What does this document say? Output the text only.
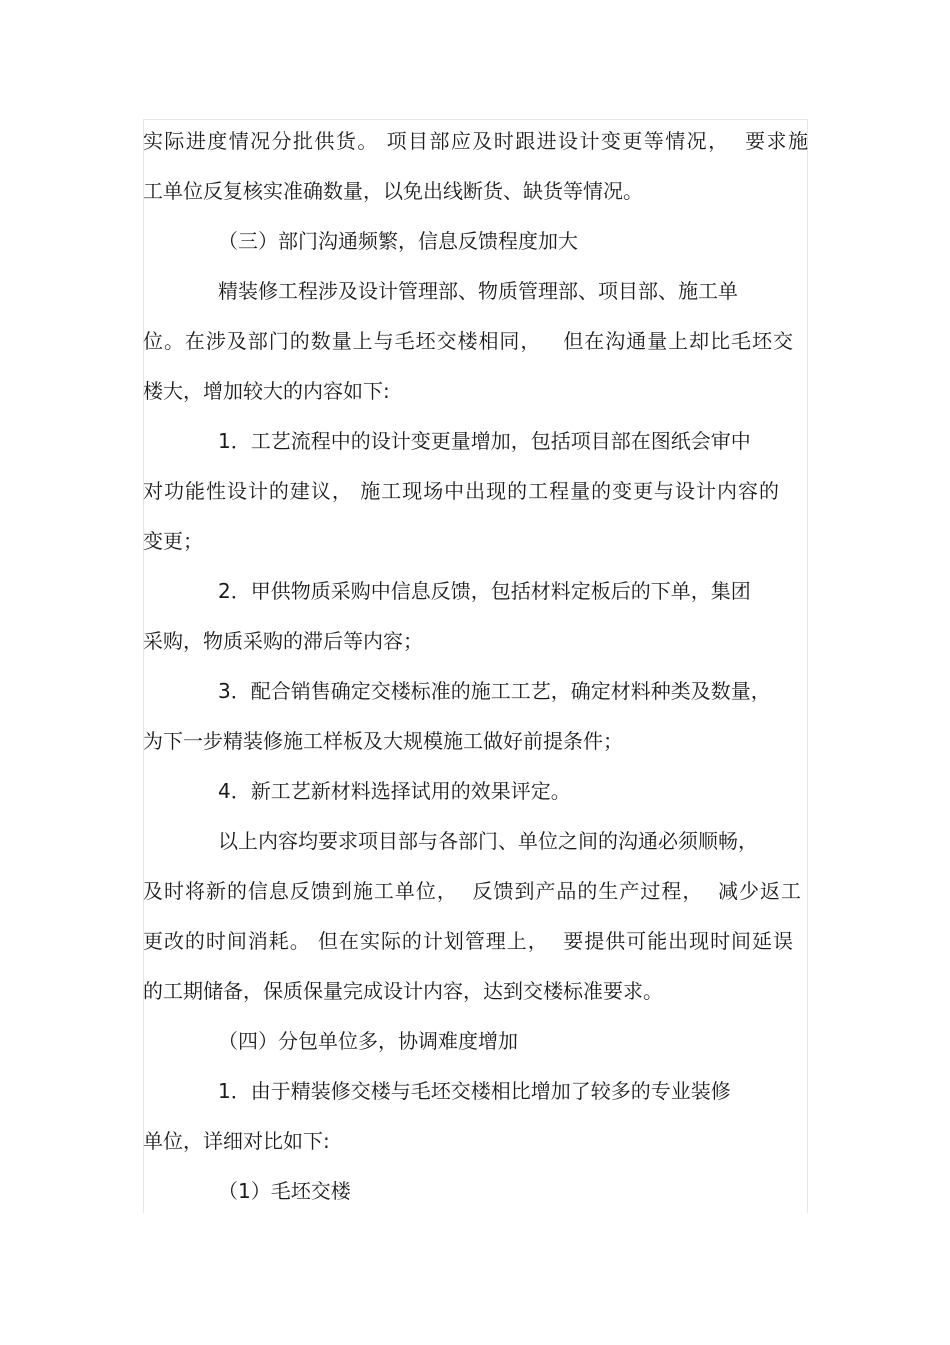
实际进度情况分批供货。 项目部应及时跟进设计变更等情况，  要求施
工单位反复核实准确数量，以免出线断货、缺货等情况。
（三）部门沟通频繁，信息反馈程度加大
精装修工程涉及设计管理部、物质管理部、项目部、施工单
位。在涉及部门的数量上与毛坯交楼相同，   但在沟通量上却比毛坯交
楼大，增加较大的内容如下:
1．工艺流程中的设计变更量增加，包括项目部在图纸会审中
对功能性设计的建议， 施工现场中出现的工程量的变更与设计内容的
变更；
2．甲供物质采购中信息反馈，包括材料定板后的下单，集团
采购，物质采购的滞后等内容；
3．配合销售确定交楼标准的施工工艺，确定材料种类及数量，
为下一步精装修施工样板及大规模施工做好前提条件；
4．新工艺新材料选择试用的效果评定。
以上内容均要求项目部与各部门、单位之间的沟通必须顺畅，
及时将新的信息反馈到施工单位，  反馈到产品的生产过程，  减少返工
更改的时间消耗。 但在实际的计划管理上，  要提供可能出现时间延误
的工期储备，保质保量完成设计内容，达到交楼标准要求。
（四）分包单位多，协调难度增加
1．由于精装修交楼与毛坯交楼相比增加了较多的专业装修
单位，详细对比如下:
（1）毛坯交楼
